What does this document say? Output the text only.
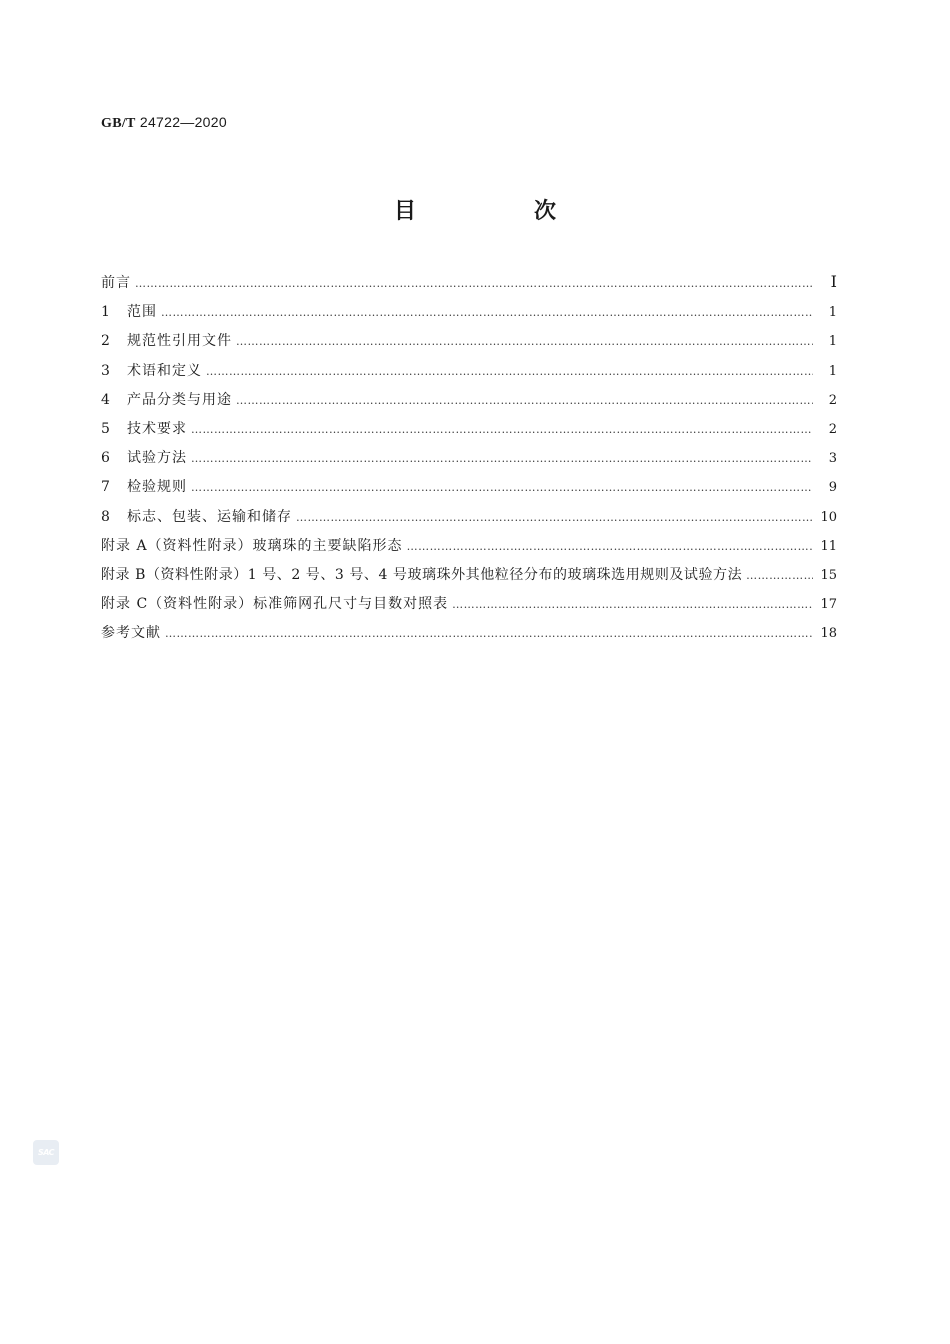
GB/T 24722—2020
目　次
前言 …………………………………………………………………………………………………………………………………………………………………………………………………………………………	Ⅰ
1	范围 …………………………………………………………………………………………………………………………………………………………………………………………………………………………	1
2	规范性引用文件 …………………………………………………………………………………………………………………………………………………………………………………………………………………………	1
3	术语和定义 …………………………………………………………………………………………………………………………………………………………………………………………………………………………	1
4	产品分类与用途 …………………………………………………………………………………………………………………………………………………………………………………………………………………………	2
5	技术要求 …………………………………………………………………………………………………………………………………………………………………………………………………………………………	2
6	试验方法 …………………………………………………………………………………………………………………………………………………………………………………………………………………………	3
7	检验规则 …………………………………………………………………………………………………………………………………………………………………………………………………………………………	9
8	标志、包装、运输和储存 …………………………………………………………………………………………………………………………………………………………………………………………………………………………	10
附录 A（资料性附录）玻璃珠的主要缺陷形态 …………………………………………………………………………………………………………………………………………………………………………………………………………………………	11
附录 B（资料性附录）1 号、2 号、3 号、4 号玻璃珠外其他粒径分布的玻璃珠选用规则及试验方法 …………………………………………………………………………………………………………………………………………………………………………………………………………………………	15
附录 C（资料性附录）标准筛网孔尺寸与目数对照表 …………………………………………………………………………………………………………………………………………………………………………………………………………………………	17
参考文献 …………………………………………………………………………………………………………………………………………………………………………………………………………………………	18
SAC
